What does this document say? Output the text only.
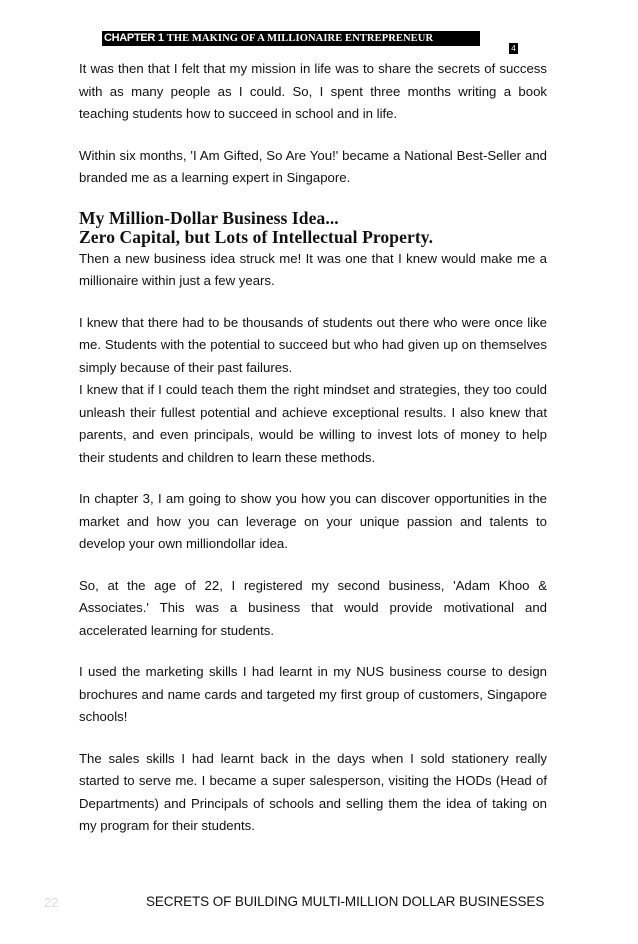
CHAPTER 1 THE MAKING OF A MILLIONAIRE ENTREPRENEUR
4

It was then that I felt that my mission in life was to share the secrets of success with as many people as I could. So, I spent three months writing a book teaching students how to succeed in school and in life.

Within six months, 'I Am Gifted, So Are You!' became a National Best-Seller and branded me as a learning expert in Singapore.

My Million-Dollar Business Idea...
Zero Capital, but Lots of Intellectual Property.

Then a new business idea struck me! It was one that I knew would make me a millionaire within just a few years.

I knew that there had to be thousands of students out there who were once like me. Students with the potential to succeed but who had given up on themselves simply because of their past failures.

I knew that if I could teach them the right mindset and strategies, they too could unleash their fullest potential and achieve exceptional results. I also knew that parents, and even principals, would be willing to invest lots of money to help their students and children to learn these methods.

In chapter 3, I am going to show you how you can discover opportunities in the market and how you can leverage on your unique passion and talents to develop your own milliondollar idea.

So, at the age of 22, I registered my second business, 'Adam Khoo & Associates.' This was a business that would provide motivational and accelerated learning for students.

I used the marketing skills I had learnt in my NUS business course to design brochures and name cards and targeted my first group of customers, Singapore schools!

The sales skills I had learnt back in the days when I sold stationery really started to serve me. I became a super salesperson, visiting the HODs (Head of Departments) and Principals of schools and selling them the idea of taking on my program for their students.

22	SECRETS OF BUILDING MULTI-MILLION DOLLAR BUSINESSES
